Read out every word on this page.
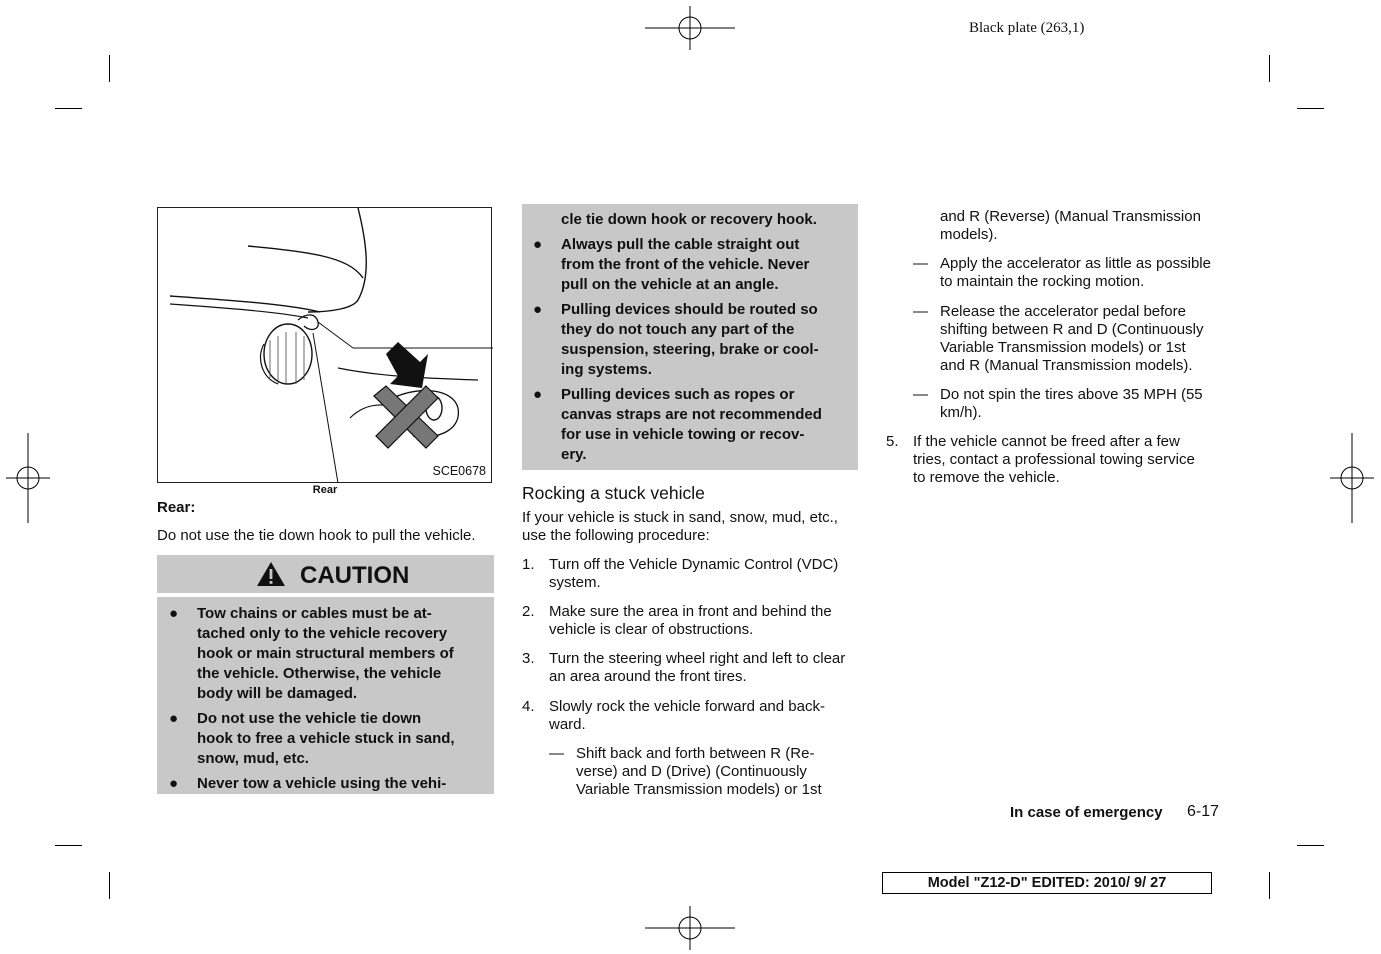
Black plate (263,1)
SCE0678
Rear
Rear:
Do not use the tie down hook to pull the vehicle.
CAUTION
● Tow chains or cables must be at-
tached only to the vehicle recovery
hook or main structural members of
the vehicle. Otherwise, the vehicle
body will be damaged.
● Do not use the vehicle tie down
hook to free a vehicle stuck in sand,
snow, mud, etc.
● Never tow a vehicle using the vehi-
cle tie down hook or recovery hook.
● Always pull the cable straight out
from the front of the vehicle. Never
pull on the vehicle at an angle.
● Pulling devices should be routed so
they do not touch any part of the
suspension, steering, brake or cool-
ing systems.
● Pulling devices such as ropes or
canvas straps are not recommended
for use in vehicle towing or recov-
ery.
Rocking a stuck vehicle
If your vehicle is stuck in sand, snow, mud, etc.,
use the following procedure:
1. Turn off the Vehicle Dynamic Control (VDC)
system.
2. Make sure the area in front and behind the
vehicle is clear of obstructions.
3. Turn the steering wheel right and left to clear
an area around the front tires.
4. Slowly rock the vehicle forward and back-
ward.
— Shift back and forth between R (Re-
verse) and D (Drive) (Continuously
Variable Transmission models) or 1st
and R (Reverse) (Manual Transmission
models).
— Apply the accelerator as little as possible
to maintain the rocking motion.
— Release the accelerator pedal before
shifting between R and D (Continuously
Variable Transmission models) or 1st
and R (Manual Transmission models).
— Do not spin the tires above 35 MPH (55
km/h).
5. If the vehicle cannot be freed after a few
tries, contact a professional towing service
to remove the vehicle.
In case of emergency 6-17
Model "Z12-D" EDITED: 2010/ 9/ 27
